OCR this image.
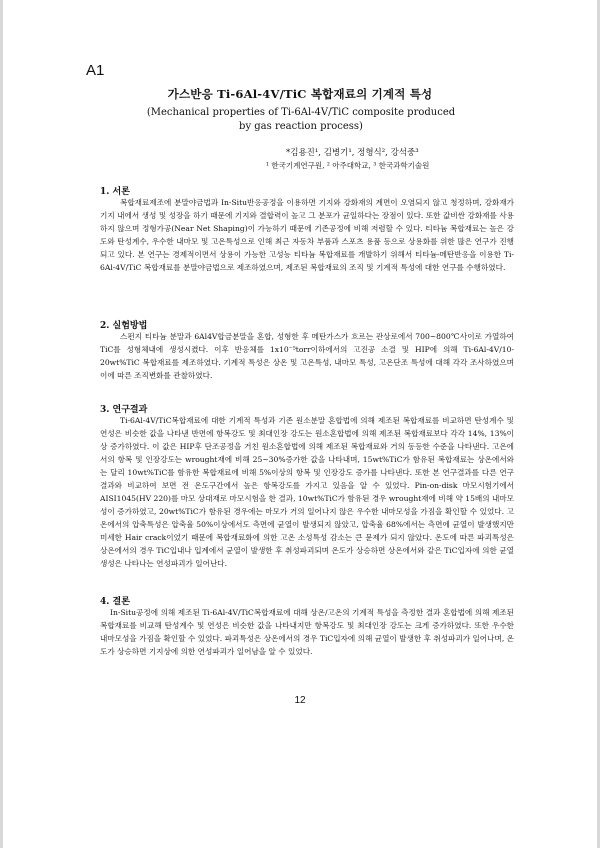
A1
가스반응 Ti-6Al-4V/TiC 복합재료의 기계적 특성
(Mechanical properties of Ti-6Al-4V/TiC composite produced by gas reaction process)
*김용진¹, 김병기¹, 정형식², 강석중³
¹ 한국기계연구원, ² 아주대학교, ³ 한국과학기술원
1. 서론
복합재료제조에 분말야금법과 In-Situ반응공정을 이용하면 기지와 강화재의 계면이 오염되지 않고 청정하며, 강화재가 기지 내에서 생성 및 성장을 하기 때문에 기지와 결합력이 높고 그 분포가 균일하다는 장점이 있다. 또한 값비싼 강화재를 사용하지 않으며 정형가공(Near Net Shaping)이 가능하기 때문에 기존공정에 비해 저렴할 수 있다. 티타늄 복합재료는 높은 강도와 탄성계수, 우수한 내마모 및 고온특성으로 인해 최근 자동차 부품과 스포츠 용품 등으로 상용화를 위한 많은 연구가 진행되고 있다. 본 연구는 경제적이면서 상용이 가능한 고성능 티타늄 복합재료를 개발하기 위해서 티타늄-메탄반응을 이용한 Ti-6Al-4V/TiC 복합재료를 분말야금법으로 제조하였으며, 제조된 복합재료의 조직 및 기계적 특성에 대한 연구를 수행하였다.
2. 실험방법
스펀지 티타늄 분말과 6Al4V합금분말을 혼합, 성형한 후 메탄가스가 흐르는 관상로에서 700~800℃사이로 가열하여 TiC를 성형체내에 생성시켰다. 이후 반응체를 1x10⁻⁵torr이하에서의 고진공 소결 및 HIP에 의해 Ti-6Al-4V/10-20wt%TiC 복합재료를 제조하였다. 기계적 특성은 상온 및 고온특성, 내마모 특성, 고온단조 특성에 대해 각각 조사하였으며 이에 따른 조직변화를 관찰하였다.
3. 연구결과
Ti-6Al-4V/TiC복합재료에 대한 기계적 특성과 기존 원소분말 혼합법에 의해 제조된 복합재료를 비교하면 탄성계수 및 연성은 비슷한 값을 나타낸 반면에 항복강도 및 최대인장 강도는 원소혼합법에 의해 제조된 복합재료보다 각각 14%, 13%이상 증가하였다. 이 값은 HIP후 단조공정을 거친 원소혼합법에 의해 제조된 복합재료와 거의 동등한 수준을 나타낸다. 고온에서의 항복 및 인장강도는 wrought재에 비해 25~30%증가한 값을 나타내며, 15wt%TiC가 함유된 복합재료는 상온에서와는 달리 10wt%TiC를 함유한 복합재료에 비해 5%이상의 항복 및 인장강도 증가를 나타낸다. 또한 본 연구결과를 다른 연구결과와 비교하여 보면 전 온도구간에서 높은 항복강도를 가지고 있음을 알 수 있었다. Pin-on-disk 마모시험기에서 AISI1045(HV 220)를 마모 상대재로 마모시험을 한 결과, 10wt%TiC가 함유된 경우 wrought재에 비해 약 15배의 내마모성이 증가하였고, 20wt%TiC가 함유된 경우에는 마모가 거의 일어나지 않은 우수한 내마모성을 가짐을 확인할 수 있었다. 고온에서의 압축특성은 압축율 50%이상에서도 측면에 균열이 발생되지 않았고, 압축율 68%에서는 측면에 균열이 발생했지만 미세한 Hair crack이었기 때문에 복합재료화에 의한 고온 소성특성 감소는 큰 문제가 되지 않았다. 온도에 따른 파괴특성은 상온에서의 경우 TiC입내나 입계에서 균열이 발생한 후 취성파괴되며 온도가 상승하면 상온에서와 같은 TiC입자에 의한 균열생성은 나타나는 연성파괴가 일어난다.
4. 결론
In-Situ공정에 의해 제조된 Ti-6Al-4V/TiC복합재료에 대해 상온/고온의 기계적 특성을 측정한 결과 혼합법에 의해 제조된 복합재료를 비교해 탄성계수 및 연성은 비슷한 값을 나타내지만 항복강도 및 최대인장 강도는 크게 증가하였다. 또한 우수한 내마모성을 가짐을 확인할 수 있었다. 파괴특성은 상온에서의 경우 TiC입자에 의해 균열이 발생한 후 취성파괴가 일어나며, 온도가 상승하면 기지상에 의한 연성파괴가 일어남을 알 수 있었다.
12
